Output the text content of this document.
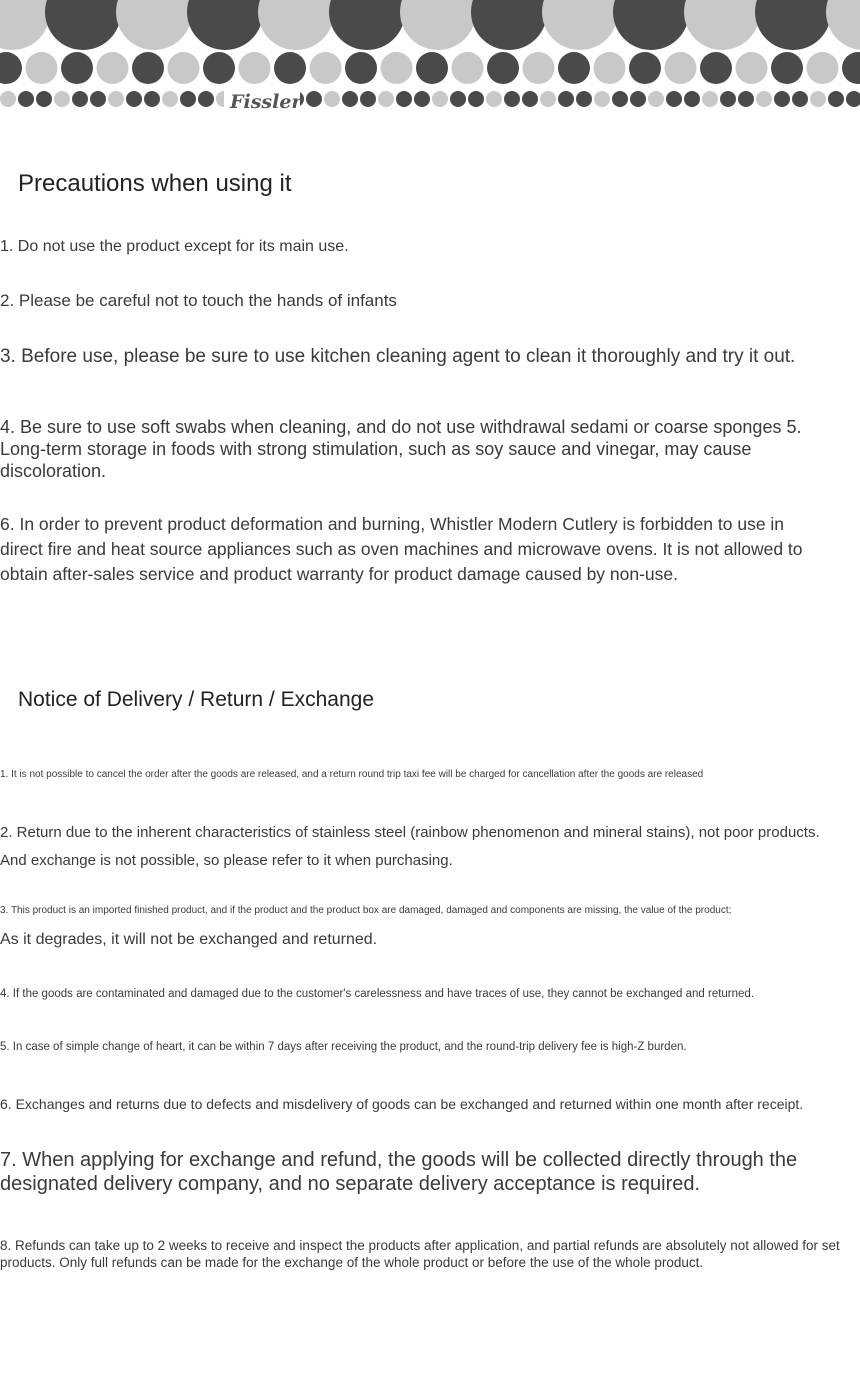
Fissler
Precautions when using it

1. Do not use the product except for its main use.

2. Please be careful not to touch the hands of infants

3. Before use, please be sure to use kitchen cleaning agent to clean it thoroughly and try it out.

4. Be sure to use soft swabs when cleaning, and do not use withdrawal sedami or coarse sponges 5. Long-term storage in foods with strong stimulation, such as soy sauce and vinegar, may cause discoloration.

6. In order to prevent product deformation and burning, Whistler Modern Cutlery is forbidden to use in direct fire and heat source appliances such as oven machines and microwave ovens. It is not allowed to obtain after-sales service and product warranty for product damage caused by non-use.

Notice of Delivery / Return / Exchange

1. It is not possible to cancel the order after the goods are released, and a return round trip taxi fee will be charged for cancellation after the goods are released

2. Return due to the inherent characteristics of stainless steel (rainbow phenomenon and mineral stains), not poor products.

And exchange is not possible, so please refer to it when purchasing.

3. This product is an imported finished product, and if the product and the product box are damaged, damaged and components are missing, the value of the product;

As it degrades, it will not be exchanged and returned.

4. If the goods are contaminated and damaged due to the customer's carelessness and have traces of use, they cannot be exchanged and returned.

5. In case of simple change of heart, it can be within 7 days after receiving the product, and the round-trip delivery fee is high-Z burden.

6. Exchanges and returns due to defects and misdelivery of goods can be exchanged and returned within one month after receipt.

7. When applying for exchange and refund, the goods will be collected directly through the designated delivery company, and no separate delivery acceptance is required.

8. Refunds can take up to 2 weeks to receive and inspect the products after application, and partial refunds are absolutely not allowed for set products. Only full refunds can be made for the exchange of the whole product or before the use of the whole product.
